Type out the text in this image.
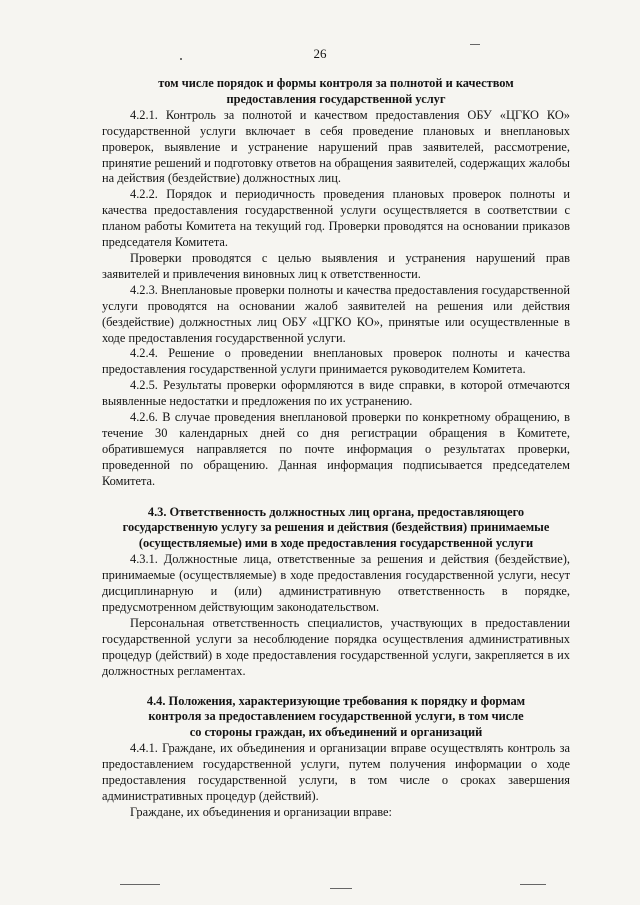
26
том числе порядок и формы контроля за полнотой и качеством
предоставления государственной услуг

4.2.1. Контроль за полнотой и качеством предоставления ОБУ «ЦГКО КО» государственной услуги включает в себя проведение плановых и внеплановых проверок, выявление и устранение нарушений прав заявителей, рассмотрение, принятие решений и подготовку ответов на обращения заявителей, содержащих жалобы на действия (бездействие) должностных лиц.

4.2.2. Порядок и периодичность проведения плановых проверок полноты и качества предоставления государственной услуги осуществляется в соответствии с планом работы Комитета на текущий год. Проверки проводятся на основании приказов председателя Комитета.

Проверки проводятся с целью выявления и устранения нарушений прав заявителей и привлечения виновных лиц к ответственности.

4.2.3. Внеплановые проверки полноты и качества предоставления государственной услуги проводятся на основании жалоб заявителей на решения или действия (бездействие) должностных лиц ОБУ «ЦГКО КО», принятые или осуществленные в ходе предоставления государственной услуги.

4.2.4. Решение о проведении внеплановых проверок полноты и качества предоставления государственной услуги принимается руководителем Комитета.

4.2.5. Результаты проверки оформляются в виде справки, в которой отмечаются выявленные недостатки и предложения по их устранению.

4.2.6. В случае проведения внеплановой проверки по конкретному обращению, в течение 30 календарных дней со дня регистрации обращения в Комитете, обратившемуся направляется по почте информация о результатах проверки, проведенной по обращению. Данная информация подписывается председателем Комитета.

4.3. Ответственность должностных лиц органа, предоставляющего
государственную услугу за решения и действия (бездействия) принимаемые
(осуществляемые) ими в ходе предоставления государственной услуги

4.3.1. Должностные лица, ответственные за решения и действия (бездействие), принимаемые (осуществляемые) в ходе предоставления государственной услуги, несут дисциплинарную и (или) административную ответственность в порядке, предусмотренном действующим законодательством.

Персональная ответственность специалистов, участвующих в предоставлении государственной услуги за несоблюдение порядка осуществления административных процедур (действий) в ходе предоставления государственной услуги, закрепляется в их должностных регламентах.

4.4. Положения, характеризующие требования к порядку и формам
контроля за предоставлением государственной услуги, в том числе
со стороны граждан, их объединений и организаций

4.4.1. Граждане, их объединения и организации вправе осуществлять контроль за предоставлением государственной услуги, путем получения информации о ходе предоставления государственной услуги, в том числе о сроках завершения административных процедур (действий).

Граждане, их объединения и организации вправе:
